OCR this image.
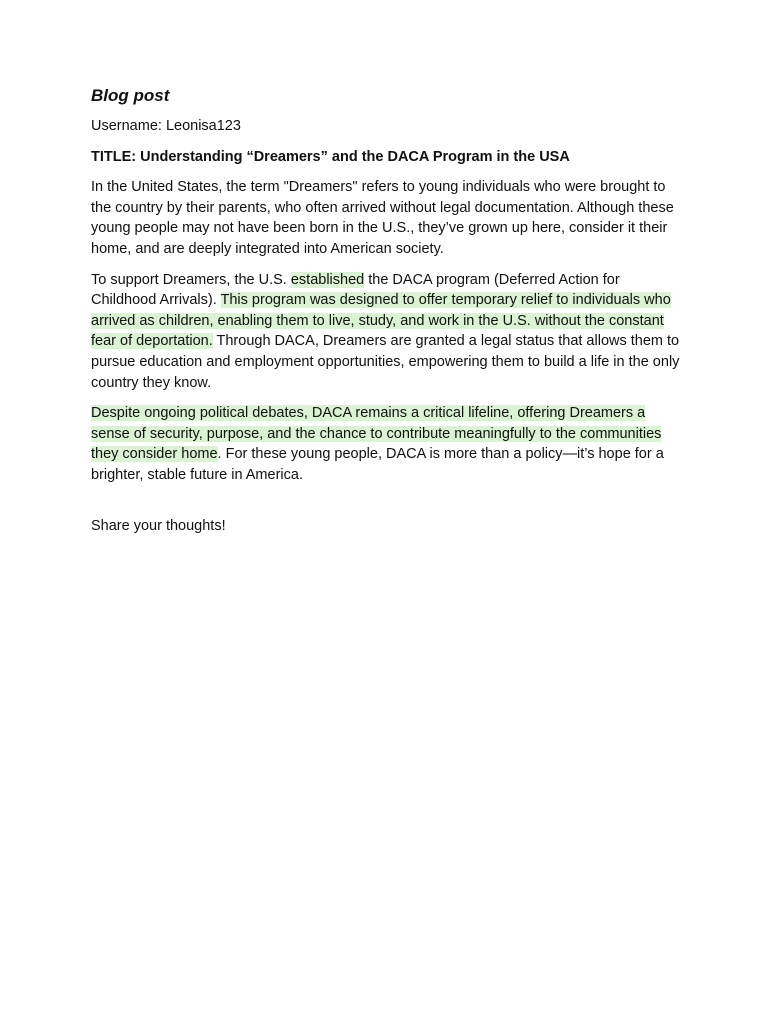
Blog post
Username: Leonisa123
TITLE: Understanding “Dreamers” and the DACA Program in the USA
In the United States, the term "Dreamers" refers to young individuals who were brought to the country by their parents, who often arrived without legal documentation. Although these young people may not have been born in the U.S., they’ve grown up here, consider it their home, and are deeply integrated into American society.
To support Dreamers, the U.S. established the DACA program (Deferred Action for Childhood Arrivals). This program was designed to offer temporary relief to individuals who arrived as children, enabling them to live, study, and work in the U.S. without the constant fear of deportation. Through DACA, Dreamers are granted a legal status that allows them to pursue education and employment opportunities, empowering them to build a life in the only country they know.
Despite ongoing political debates, DACA remains a critical lifeline, offering Dreamers a sense of security, purpose, and the chance to contribute meaningfully to the communities they consider home. For these young people, DACA is more than a policy—it’s hope for a brighter, stable future in America.
Share your thoughts!
